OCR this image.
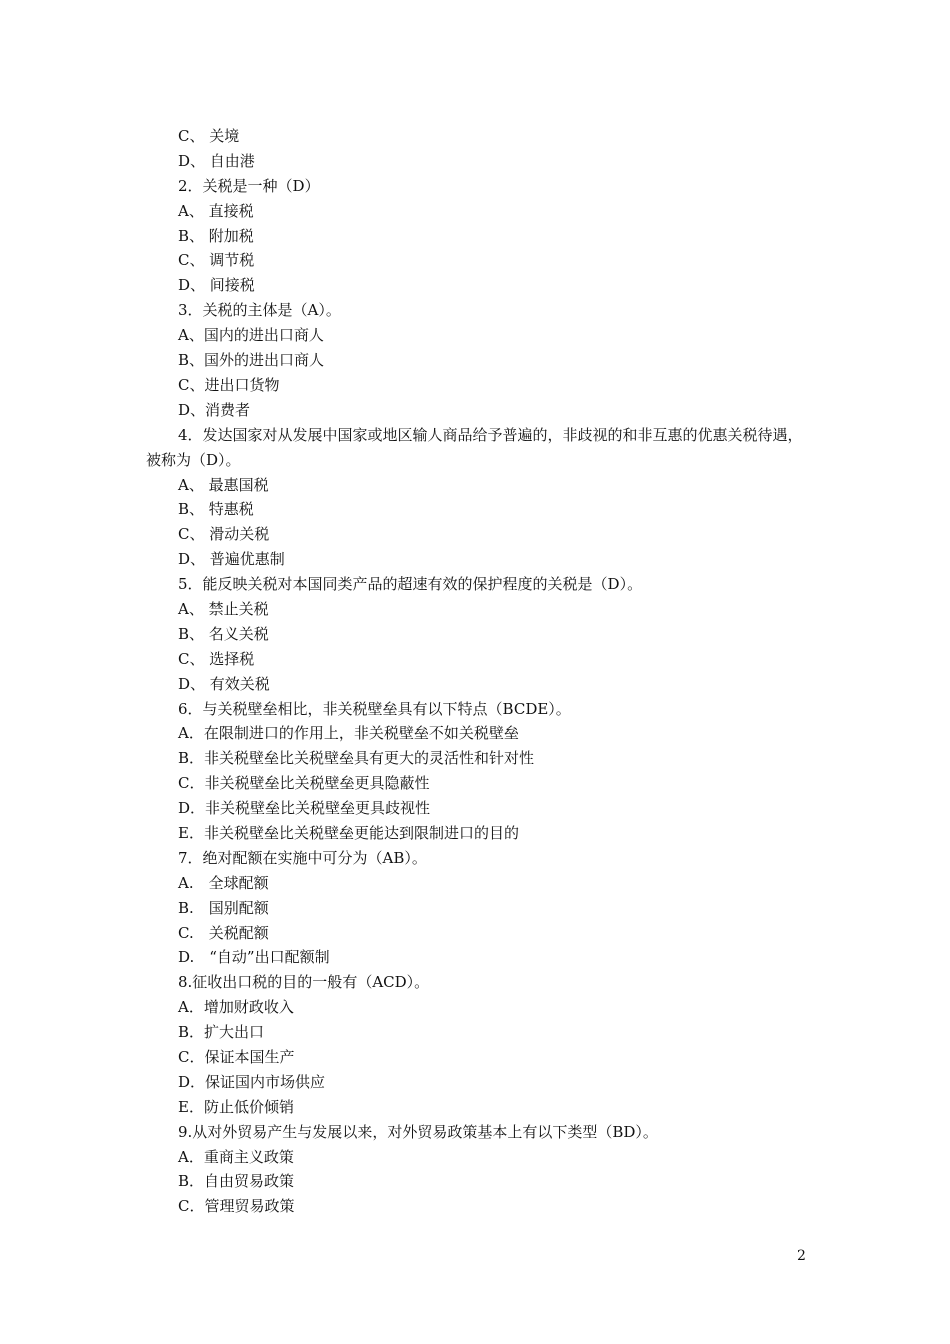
C、 关境
D、 自由港
2．关税是一种（D）
A、 直接税
B、 附加税
C、 调节税
D、 间接税
3．关税的主体是（A）。
A、国内的进出口商人
B、国外的进出口商人
C、进出口货物
D、消费者
4．发达国家对从发展中国家或地区输人商品给予普遍的，非歧视的和非互惠的优惠关税待遇，被称为（D）。
A、 最惠国税
B、 特惠税
C、 滑动关税
D、 普遍优惠制
5．能反映关税对本国同类产品的超速有效的保护程度的关税是（D）。
A、 禁止关税
B、 名义关税
C、 选择税
D、 有效关税
6．与关税壁垒相比，非关税壁垒具有以下特点（BCDE）。
A．在限制进口的作用上，非关税壁垒不如关税壁垒
B．非关税壁垒比关税壁垒具有更大的灵活性和针对性
C．非关税壁垒比关税壁垒更具隐蔽性
D．非关税壁垒比关税壁垒更具歧视性
E．非关税壁垒比关税壁垒更能达到限制进口的目的
7．绝对配额在实施中可分为（AB）。
A.　全球配额
B.　国别配额
C.　关税配额
D.　“自动”出口配额制
8.征收出口税的目的一般有（ACD）。
A．增加财政收入
B．扩大出口
C．保证本国生产
D．保证国内市场供应
E．防止低价倾销
9.从对外贸易产生与发展以来，对外贸易政策基本上有以下类型（BD）。
A．重商主义政策
B．自由贸易政策
C．管理贸易政策
2
